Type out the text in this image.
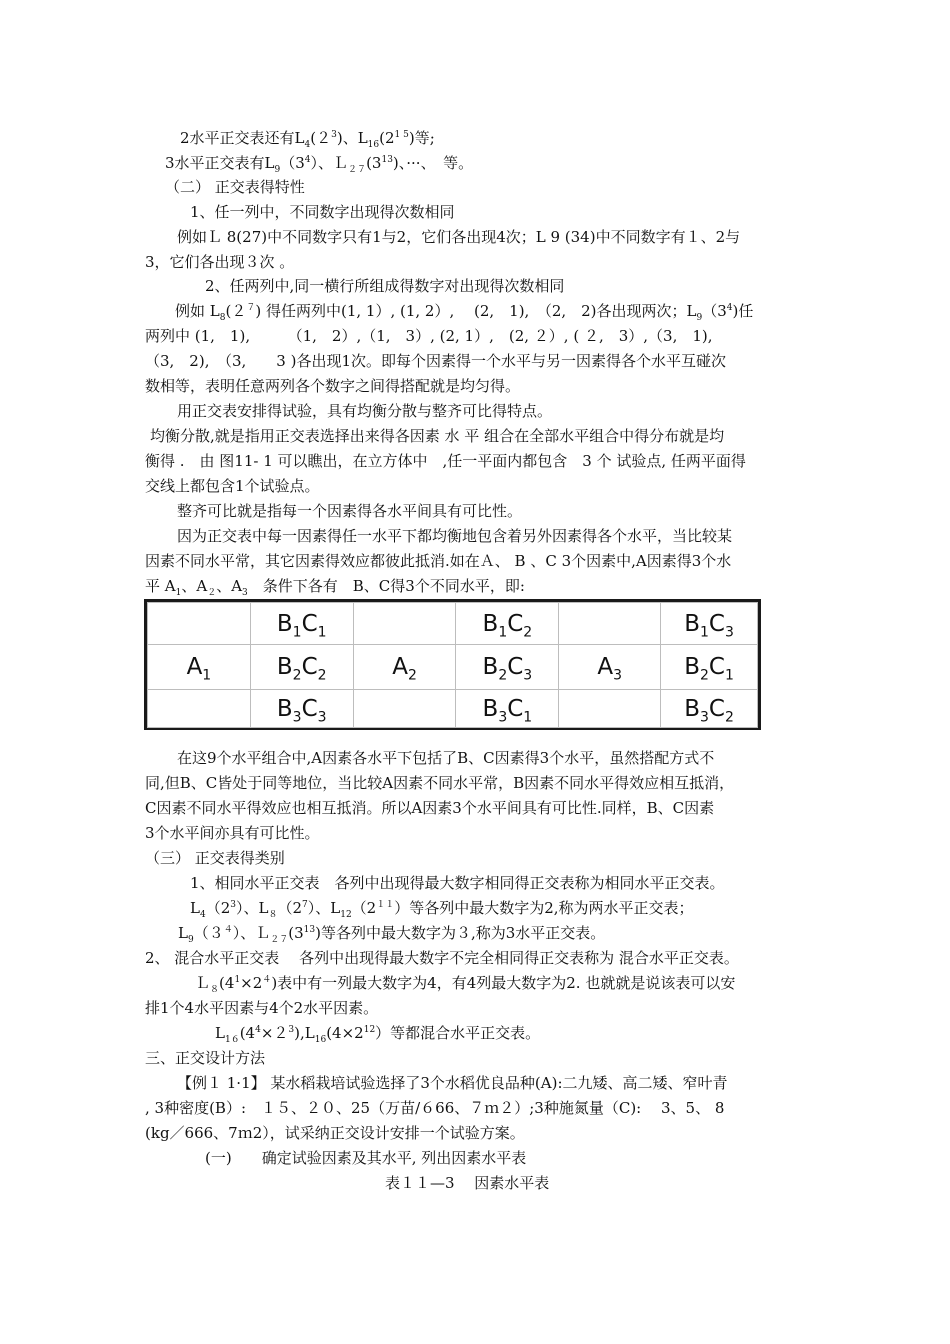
2水平正交表还有$L_4(2^3)$、$L_{16}(2^{1 5})$等;
3水平正交表有$L_9(3^4)$、$L_{27}(3^{13})$、···、　等。
（二） 正交表得特性
1、任一列中，不同数字出现得次数相同
例如Ｌ 8(27)中不同数字只有1与2，它们各出现4次；L 9 (34)中不同数字有１、2与
3，它们各出现３次 。
2、任两列中,同一横行所组成得数字对出现得次数相同
例如 $L_8(2^7)$ 得任两列中(1, 1）, (1, 2）,　 (2,　1),　（2,　2)各出现两次；$L_9(3^4)$任
两列中 (1,　1),　　　（1,　2）,（1,　3）, (2, 1）,　(2, ２）, ( ２,　3）,（3,　1),
（3,　2),　（3,　　3 )各出现1次。即每个因素得一个水平与另一因素得各个水平互碰次
数相等，表明任意两列各个数字之间得搭配就是均匀得。
用正交表安排得试验，具有均衡分散与整齐可比得特点。
均衡分散,就是指用正交表选择出来得各因素 水 平 组合在全部水平组合中得分布就是均
衡得 .　由 图11- 1 可以瞧出，在立方体中　,任一平面内都包含　3 个 试验点, 任两平面得
交线上都包含1个试验点。
整齐可比就是指每一个因素得各水平间具有可比性。
因为正交表中每一因素得任一水平下都均衡地包含着另外因素得各个水平，当比较某
因素不同水平常，其它因素得效应都彼此抵消.如在Ａ、 B 、C 3个因素中,A因素得3个水
平 $A_1$、$A_2$、$A_3$　条件下各有　B、C得3个不同水平，即:
	$B_1C_1$		$B_1C_2$		$B_1C_3$
$A_1$	$B_2C_2$	$A_2$	$B_2C_3$	$A_3$	$B_2C_1$
	$B_3C_3$		$B_3C_1$		$B_3C_2$
在这9个水平组合中,A因素各水平下包括了B、C因素得3个水平，虽然搭配方式不
同,但B、C皆处于同等地位，当比较A因素不同水平常，B因素不同水平得效应相互抵消，
C因素不同水平得效应也相互抵消。所以A因素3个水平间具有可比性.同样，B、C因素
3个水平间亦具有可比性。
（三） 正交表得类别
1、相同水平正交表　各列中出现得最大数字相同得正交表称为相同水平正交表。
$L_4(2^3)$、$L_8(2^7)$、$L_{12}(2^{11})$等各列中最大数字为2,称为两水平正交表；
$L_9(3^4)$、$L_{27}(3^{13})$等各列中最大数字为３,称为3水平正交表。
2、 混合水平正交表　 各列中出现得最大数字不完全相同得正交表称为 混合水平正交表。
$L_8(4^1\times 2^4)$表中有一列最大数字为4，有4列最大数字为2. 也就就是说该表可以安
排1个4水平因素与4个2水平因素。
$L_{16}(4^4\times 2^3),L_{16}(4\times 2^{12})$等都混合水平正交表。
三、正交设计方法
【例１ 1·1】 某水稻栽培试验选择了3个水稻优良品种(A):二九矮、高二矮、窄叶青
, 3种密度(B）:　１５、２０、25（万苗/６66、７ｍ２）;3种施氮量（C):　 3、5、 8
(kg／666、7ｍ2），试采纳正交设计安排一个试验方案。
(一)　　确定试验因素及其水平, 列出因素水平表
表１１—3　 因素水平表
